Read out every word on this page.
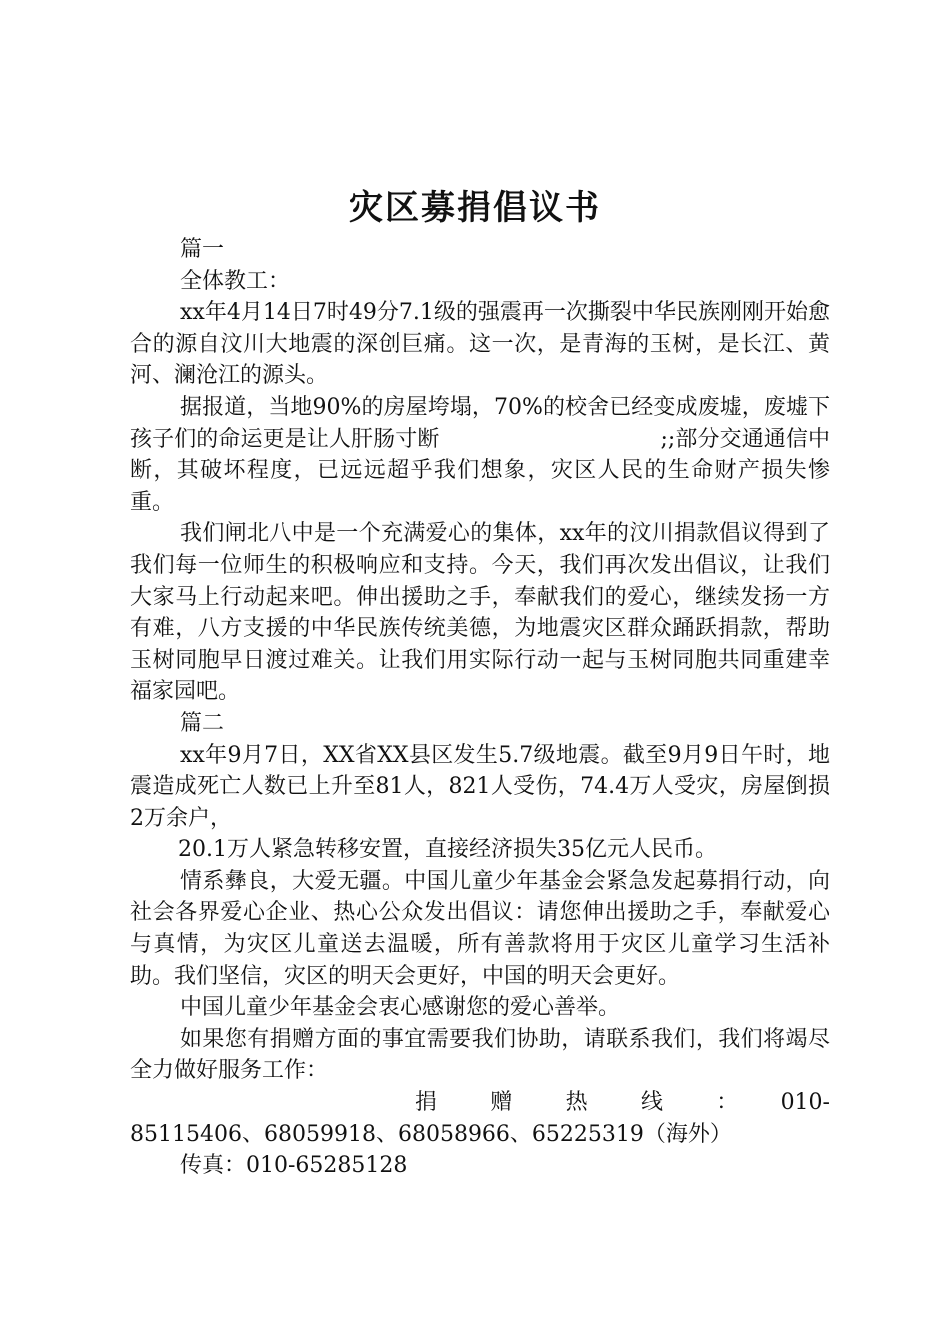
灾区募捐倡议书

篇一

全体教工：

xx年4月14日7时49分7.1级的强震再一次撕裂中华民族刚刚开始愈合的源自汶川大地震的深创巨痛。这一次，是青海的玉树，是长江、黄河、澜沧江的源头。

据报道，当地90%的房屋垮塌，70%的校舍已经变成废墟，废墟下孩子们的命运更是让人肝肠寸断　　　　　　　　　　;;部分交通通信中断，其破坏程度，已远远超乎我们想象，灾区人民的生命财产损失惨重。

我们闸北八中是一个充满爱心的集体，xx年的汶川捐款倡议得到了我们每一位师生的积极响应和支持。今天，我们再次发出倡议，让我们大家马上行动起来吧。伸出援助之手，奉献我们的爱心，继续发扬一方有难，八方支援的中华民族传统美德，为地震灾区群众踊跃捐款，帮助玉树同胞早日渡过难关。让我们用实际行动一起与玉树同胞共同重建幸福家园吧。

篇二

xx年9月7日，XX省XX县区发生5.7级地震。截至9月9日午时，地震造成死亡人数已上升至81人，821人受伤，74.4万人受灾，房屋倒损2万余户，

20.1万人紧急转移安置，直接经济损失35亿元人民币。

情系彝良，大爱无疆。中国儿童少年基金会紧急发起募捐行动，向社会各界爱心企业、热心公众发出倡议：请您伸出援助之手，奉献爱心与真情，为灾区儿童送去温暖，所有善款将用于灾区儿童学习生活补助。我们坚信，灾区的明天会更好，中国的明天会更好。

中国儿童少年基金会衷心感谢您的爱心善举。

如果您有捐赠方面的事宜需要我们协助，请联系我们，我们将竭尽全力做好服务工作：

捐　赠　热　线　：　010-

85115406、68059918、68058966、65225319（海外）

传真：010-65285128
